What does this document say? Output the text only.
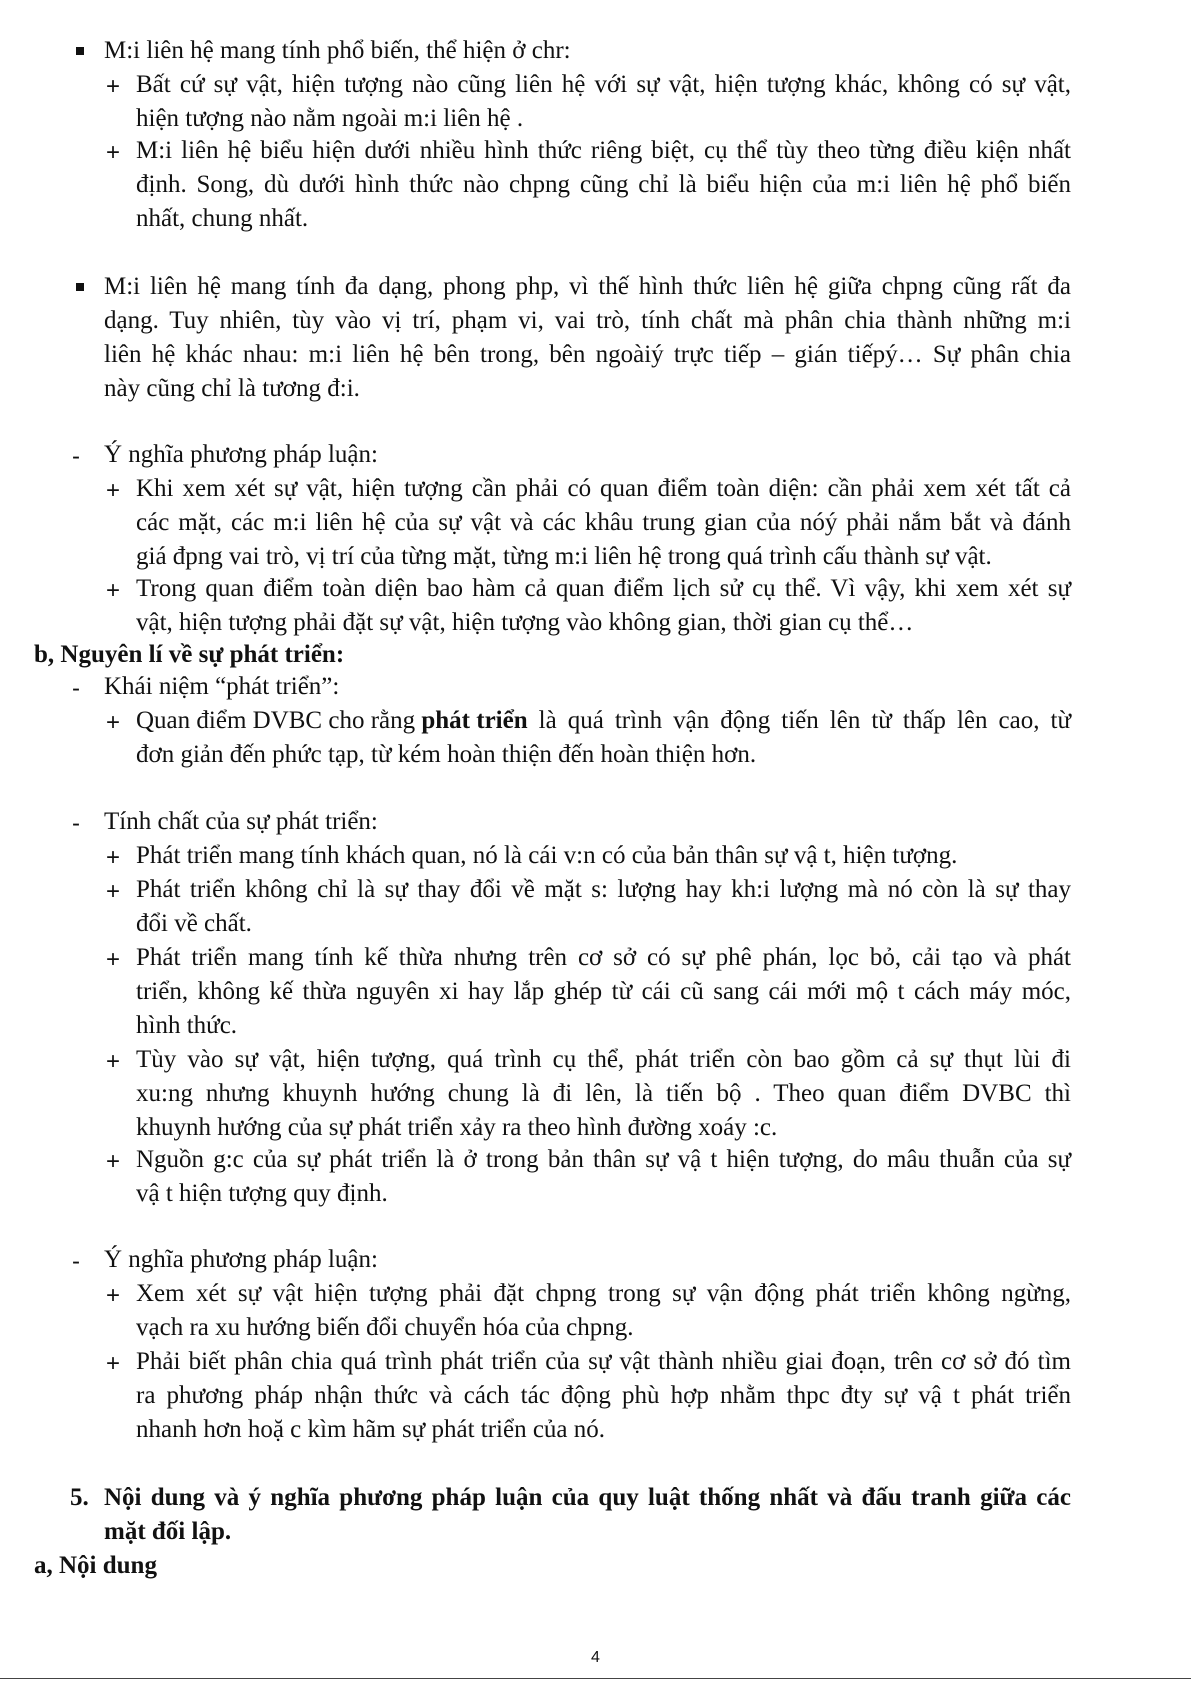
M:i liên hệ mang tính phổ biến, thể hiện ở chr:
+ Bất cứ sự vật, hiện tượng nào cũng liên hệ với sự vật, hiện tượng khác, không có sự vật,
hiện tượng nào nằm ngoài m:i liên hệ .
+ M:i liên hệ biểu hiện dưới nhiều hình thức riêng biệt, cụ thể tùy theo từng điều kiện nhất
định. Song, dù dưới hình thức nào chpng cũng chỉ là biểu hiện của m:i liên hệ phổ biến
nhất, chung nhất.
M:i liên hệ mang tính đa dạng, phong php, vì thế hình thức liên hệ giữa chpng cũng rất đa
dạng. Tuy nhiên, tùy vào vị trí, phạm vi, vai trò, tính chất mà phân chia thành những m:i
liên hệ khác nhau: m:i liên hệ bên trong, bên ngoàiý trực tiếp – gián tiếpý… Sự phân chia
này cũng chỉ là tương đ:i.
- Ý nghĩa phương pháp luận:
+ Khi xem xét sự vật, hiện tượng cần phải có quan điểm toàn diện: cần phải xem xét tất cả
các mặt, các m:i liên hệ của sự vật và các khâu trung gian của nóý phải nắm bắt và đánh
giá đpng vai trò, vị trí của từng mặt, từng m:i liên hệ trong quá trình cấu thành sự vật.
+ Trong quan điểm toàn diện bao hàm cả quan điểm lịch sử cụ thể. Vì vậy, khi xem xét sự
vật, hiện tượng phải đặt sự vật, hiện tượng vào không gian, thời gian cụ thể…
b, Nguyên lí về sự phát triển:
- Khái niệm “phát triển”:
+ Quan điểm DVBC cho rằng phát triển là quá trình vận động tiến lên từ thấp lên cao, từ
đơn giản đến phức tạp, từ kém hoàn thiện đến hoàn thiện hơn.
- Tính chất của sự phát triển:
+ Phát triển mang tính khách quan, nó là cái v:n có của bản thân sự vậ t, hiện tượng.
+ Phát triển không chỉ là sự thay đổi về mặt s: lượng hay kh:i lượng mà nó còn là sự thay
đổi về chất.
+ Phát triển mang tính kế thừa nhưng trên cơ sở có sự phê phán, lọc bỏ, cải tạo và phát
triển, không kế thừa nguyên xi hay lắp ghép từ cái cũ sang cái mới mộ t cách máy móc,
hình thức.
+ Tùy vào sự vật, hiện tượng, quá trình cụ thể, phát triển còn bao gồm cả sự thụt lùi đi
xu:ng nhưng khuynh hướng chung là đi lên, là tiến bộ . Theo quan điểm DVBC thì
khuynh hướng của sự phát triển xảy ra theo hình đường xoáy :c.
+ Nguồn g:c của sự phát triển là ở trong bản thân sự vậ t hiện tượng, do mâu thuẫn của sự
vậ t hiện tượng quy định.
- Ý nghĩa phương pháp luận:
+ Xem xét sự vật hiện tượng phải đặt chpng trong sự vận động phát triển không ngừng,
vạch ra xu hướng biến đổi chuyển hóa của chpng.
+ Phải biết phân chia quá trình phát triển của sự vật thành nhiều giai đoạn, trên cơ sở đó tìm
ra phương pháp nhận thức và cách tác động phù hợp nhằm thpc đty sự vậ t phát triển
nhanh hơn hoặ c kìm hãm sự phát triển của nó.
5. Nội dung và ý nghĩa phương pháp luận của quy luật thống nhất và đấu tranh giữa các
mặt đối lập.
a, Nội dung
4
